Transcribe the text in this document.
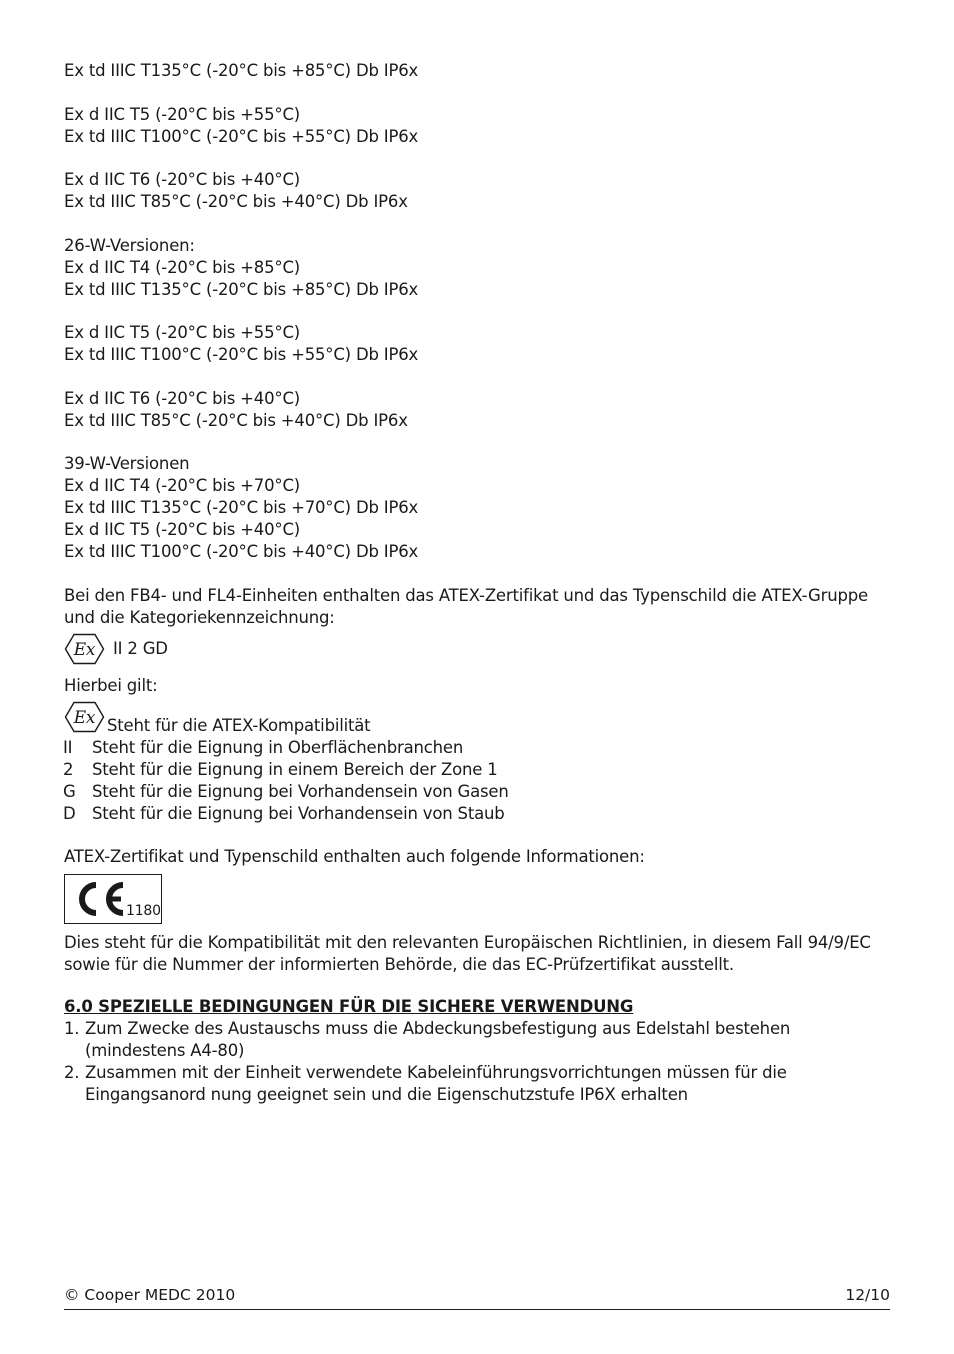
Ex td IIIC T135°C (-20°C bis +85°C) Db IP6x
Ex d IIC T5 (-20°C bis +55°C)
Ex td IIIC T100°C (-20°C bis +55°C) Db IP6x
Ex d IIC T6 (-20°C bis +40°C)
Ex td IIIC T85°C (-20°C bis +40°C) Db IP6x
26-W-Versionen:
Ex d IIC T4 (-20°C bis +85°C)
Ex td IIIC T135°C (-20°C bis +85°C) Db IP6x
Ex d IIC T5 (-20°C bis +55°C)
Ex td IIIC T100°C (-20°C bis +55°C) Db IP6x
Ex d IIC T6 (-20°C bis +40°C)
Ex td IIIC T85°C (-20°C bis +40°C) Db IP6x
39-W-Versionen
Ex d IIC T4 (-20°C bis +70°C)
Ex td IIIC T135°C (-20°C bis +70°C) Db IP6x
Ex d IIC T5 (-20°C bis +40°C)
Ex td IIIC T100°C (-20°C bis +40°C) Db IP6x
Bei den FB4- und FL4-Einheiten enthalten das ATEX-Zertifikat und das Typenschild die ATEX-Gruppe und die Kategoriekennzeichnung:
Ex II 2 GD
Hierbei gilt:
Ex Steht für die ATEX-Kompatibilität
II	Steht für die Eignung in Oberflächenbranchen
2	Steht für die Eignung in einem Bereich der Zone 1
G Steht für die Eignung bei Vorhandensein von Gasen
D Steht für die Eignung bei Vorhandensein von Staub
ATEX-Zertifikat und Typenschild enthalten auch folgende Informationen:
1180
Dies steht für die Kompatibilität mit den relevanten Europäischen Richtlinien, in diesem Fall 94/9/EC sowie für die Nummer der informierten Behörde, die das EC-Prüfzertifikat ausstellt.
6.0 SPEZIELLE BEDINGUNGEN FÜR DIE SICHERE VERWENDUNG
1. Zum Zwecke des Austauschs muss die Abdeckungsbefestigung aus Edelstahl bestehen (mindestens A4-80)
2. Zusammen mit der Einheit verwendete Kabeleinführungsvorrichtungen müssen für die Eingangsanord nung geeignet sein und die Eigenschutzstufe IP6X erhalten
© Cooper MEDC 2010	12/10
